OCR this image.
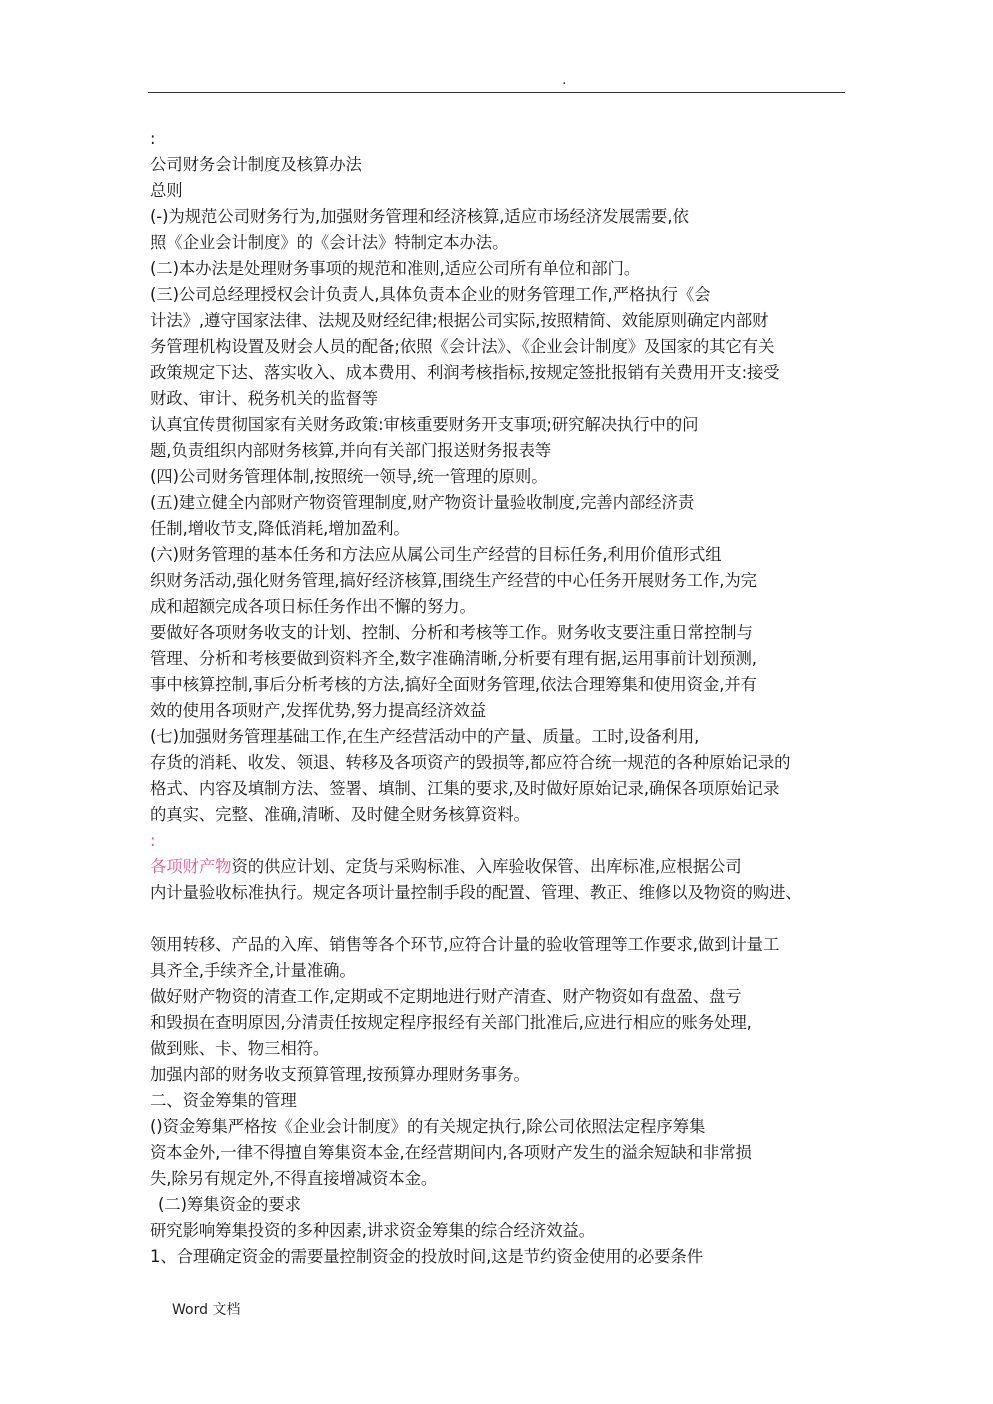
.
:
公司财务会计制度及核算办法
总则
(-)为规范公司财务行为,加强财务管理和经济核算,适应市场经济发展需要,依
照《企业会计制度》的《会计法》特制定本办法。
(二)本办法是处理财务事项的规范和准则,适应公司所有单位和部门。
(三)公司总经理授权会计负责人,具体负责本企业的财务管理工作,严格执行《会
计法》,遵守国家法律、法规及财经纪律;根据公司实际,按照精简、效能原则确定内部财
务管理机构设置及财会人员的配备;依照《会计法》、《企业会计制度》及国家的其它有关
政策规定下达、落实收入、成本费用、利润考核指标,按规定签批报销有关费用开支:接受
财政、审计、税务机关的监督等
认真宜传贯彻国家有关财务政策:审核重要财务开支事项;研究解决执行中的问
题,负责组织内部财务核算,并向有关部门报送财务报表等
(四)公司财务管理体制,按照统一领导,统一管理的原则。
(五)建立健全内部财产物资管理制度,财产物资计量验收制度,完善内部经济责
任制,增收节支,降低消耗,增加盈利。
(六)财务管理的基本任务和方法应从属公司生产经营的目标任务,利用价值形式组
织财务活动,强化财务管理,搞好经济核算,围绕生产经营的中心任务开展财务工作,为完
成和超额完成各项日标任务作出不懈的努力。
要做好各项财务收支的计划、控制、分析和考核等工作。财务收支要注重日常控制与
管理、分析和考核要做到资料齐全,数字准确清晰,分析要有理有据,运用事前计划预测,
事中核算控制,事后分析考核的方法,搞好全面财务管理,依法合理筹集和使用资金,并有
效的使用各项财产,发挥优势,努力提高经济效益
(七)加强财务管理基础工作,在生产经营活动中的产量、质量。工时,设备利用,
存货的消耗、收发、领退、转移及各项资产的毁损等,都应符合统一规范的各种原始记录的
格式、内容及填制方法、签署、填制、江集的要求,及时做好原始记录,确保各项原始记录
的真实、完整、准确,清晰、及时健全财务核算资料。
:
各项财产物资的供应计划、定货与采购标准、入库验收保管、出库标准,应根据公司
内计量验收标准执行。规定各项计量控制手段的配置、管理、教正、维修以及物资的购进、
领用转移、产品的入库、销售等各个环节,应符合计量的验收管理等工作要求,做到计量工
具齐全,手续齐全,计量准确。
做好财产物资的清查工作,定期或不定期地进行财产清查、财产物资如有盘盈、盘亏
和毁损在查明原因,分清责任按规定程序报经有关部门批准后,应进行相应的账务处理,
做到账、卡、物三相符。
加强内部的财务收支预算管理,按预算办理财务事务。
二、资金筹集的管理
()资金筹集严格按《企业会计制度》的有关规定执行,除公司依照法定程序筹集
资本金外,一律不得擅自筹集资本金,在经营期间内,各项财产发生的溢余短缺和非常损
失,除另有规定外,不得直接增减资本金。
(二)筹集资金的要求
研究影响筹集投资的多种因素,讲求资金筹集的综合经济效益。
1、合理确定资金的需要量控制资金的投放时间,这是节约资金使用的必要条件
Word 文档
